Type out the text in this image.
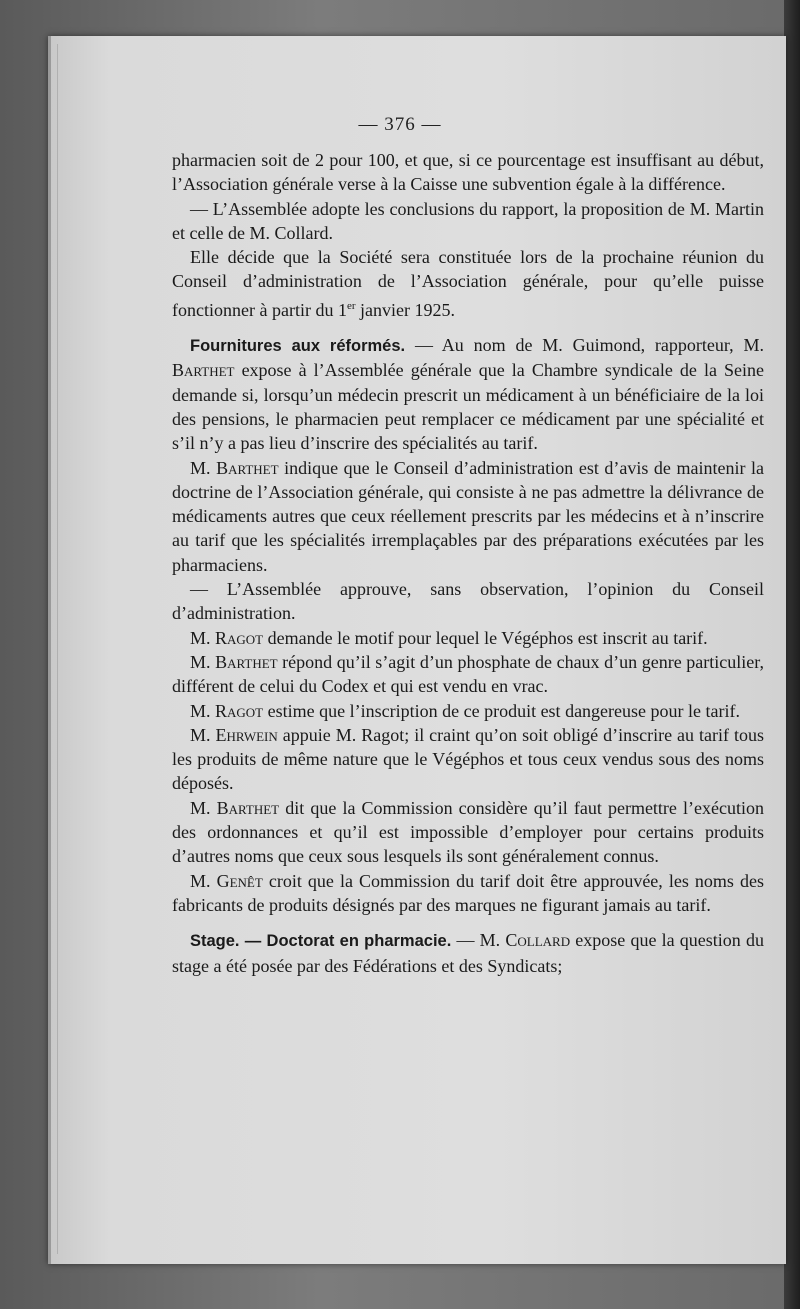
— 376 —

pharmacien soit de 2 pour 100, et que, si ce pourcentage est insuffisant au début, l’Association générale verse à la Caisse une subvention égale à la différence.

— L’Assemblée adopte les conclusions du rapport, la proposition de M. Martin et celle de M. Collard.

Elle décide que la Société sera constituée lors de la prochaine réunion du Conseil d’administration de l’Association générale, pour qu’elle puisse fonctionner à partir du 1er janvier 1925.

Fournitures aux réformés. — Au nom de M. Guimond, rapporteur, M. Barthet expose à l’Assemblée générale que la Chambre syndicale de la Seine demande si, lorsqu’un médecin prescrit un médicament à un bénéficiaire de la loi des pensions, le pharmacien peut remplacer ce médicament par une spécialité et s’il n’y a pas lieu d’inscrire des spécialités au tarif.

M. Barthet indique que le Conseil d’administration est d’avis de maintenir la doctrine de l’Association générale, qui consiste à ne pas admettre la délivrance de médicaments autres que ceux réellement prescrits par les médecins et à n’inscrire au tarif que les spécialités irremplaçables par des préparations exécutées par les pharmaciens.

— L’Assemblée approuve, sans observation, l’opinion du Conseil d’administration.

M. Ragot demande le motif pour lequel le Végéphos est inscrit au tarif.

M. Barthet répond qu’il s’agit d’un phosphate de chaux d’un genre particulier, différent de celui du Codex et qui est vendu en vrac.

M. Ragot estime que l’inscription de ce produit est dangereuse pour le tarif.

M. Ehrwein appuie M. Ragot; il craint qu’on soit obligé d’inscrire au tarif tous les produits de même nature que le Végéphos et tous ceux vendus sous des noms déposés.

M. Barthet dit que la Commission considère qu’il faut permettre l’exécution des ordonnances et qu’il est impossible d’employer pour certains produits d’autres noms que ceux sous lesquels ils sont généralement connus.

M. Genêt croit que la Commission du tarif doit être approuvée, les noms des fabricants de produits désignés par des marques ne figurant jamais au tarif.

Stage. — Doctorat en pharmacie. — M. Collard expose que la question du stage a été posée par des Fédérations et des Syndicats;
